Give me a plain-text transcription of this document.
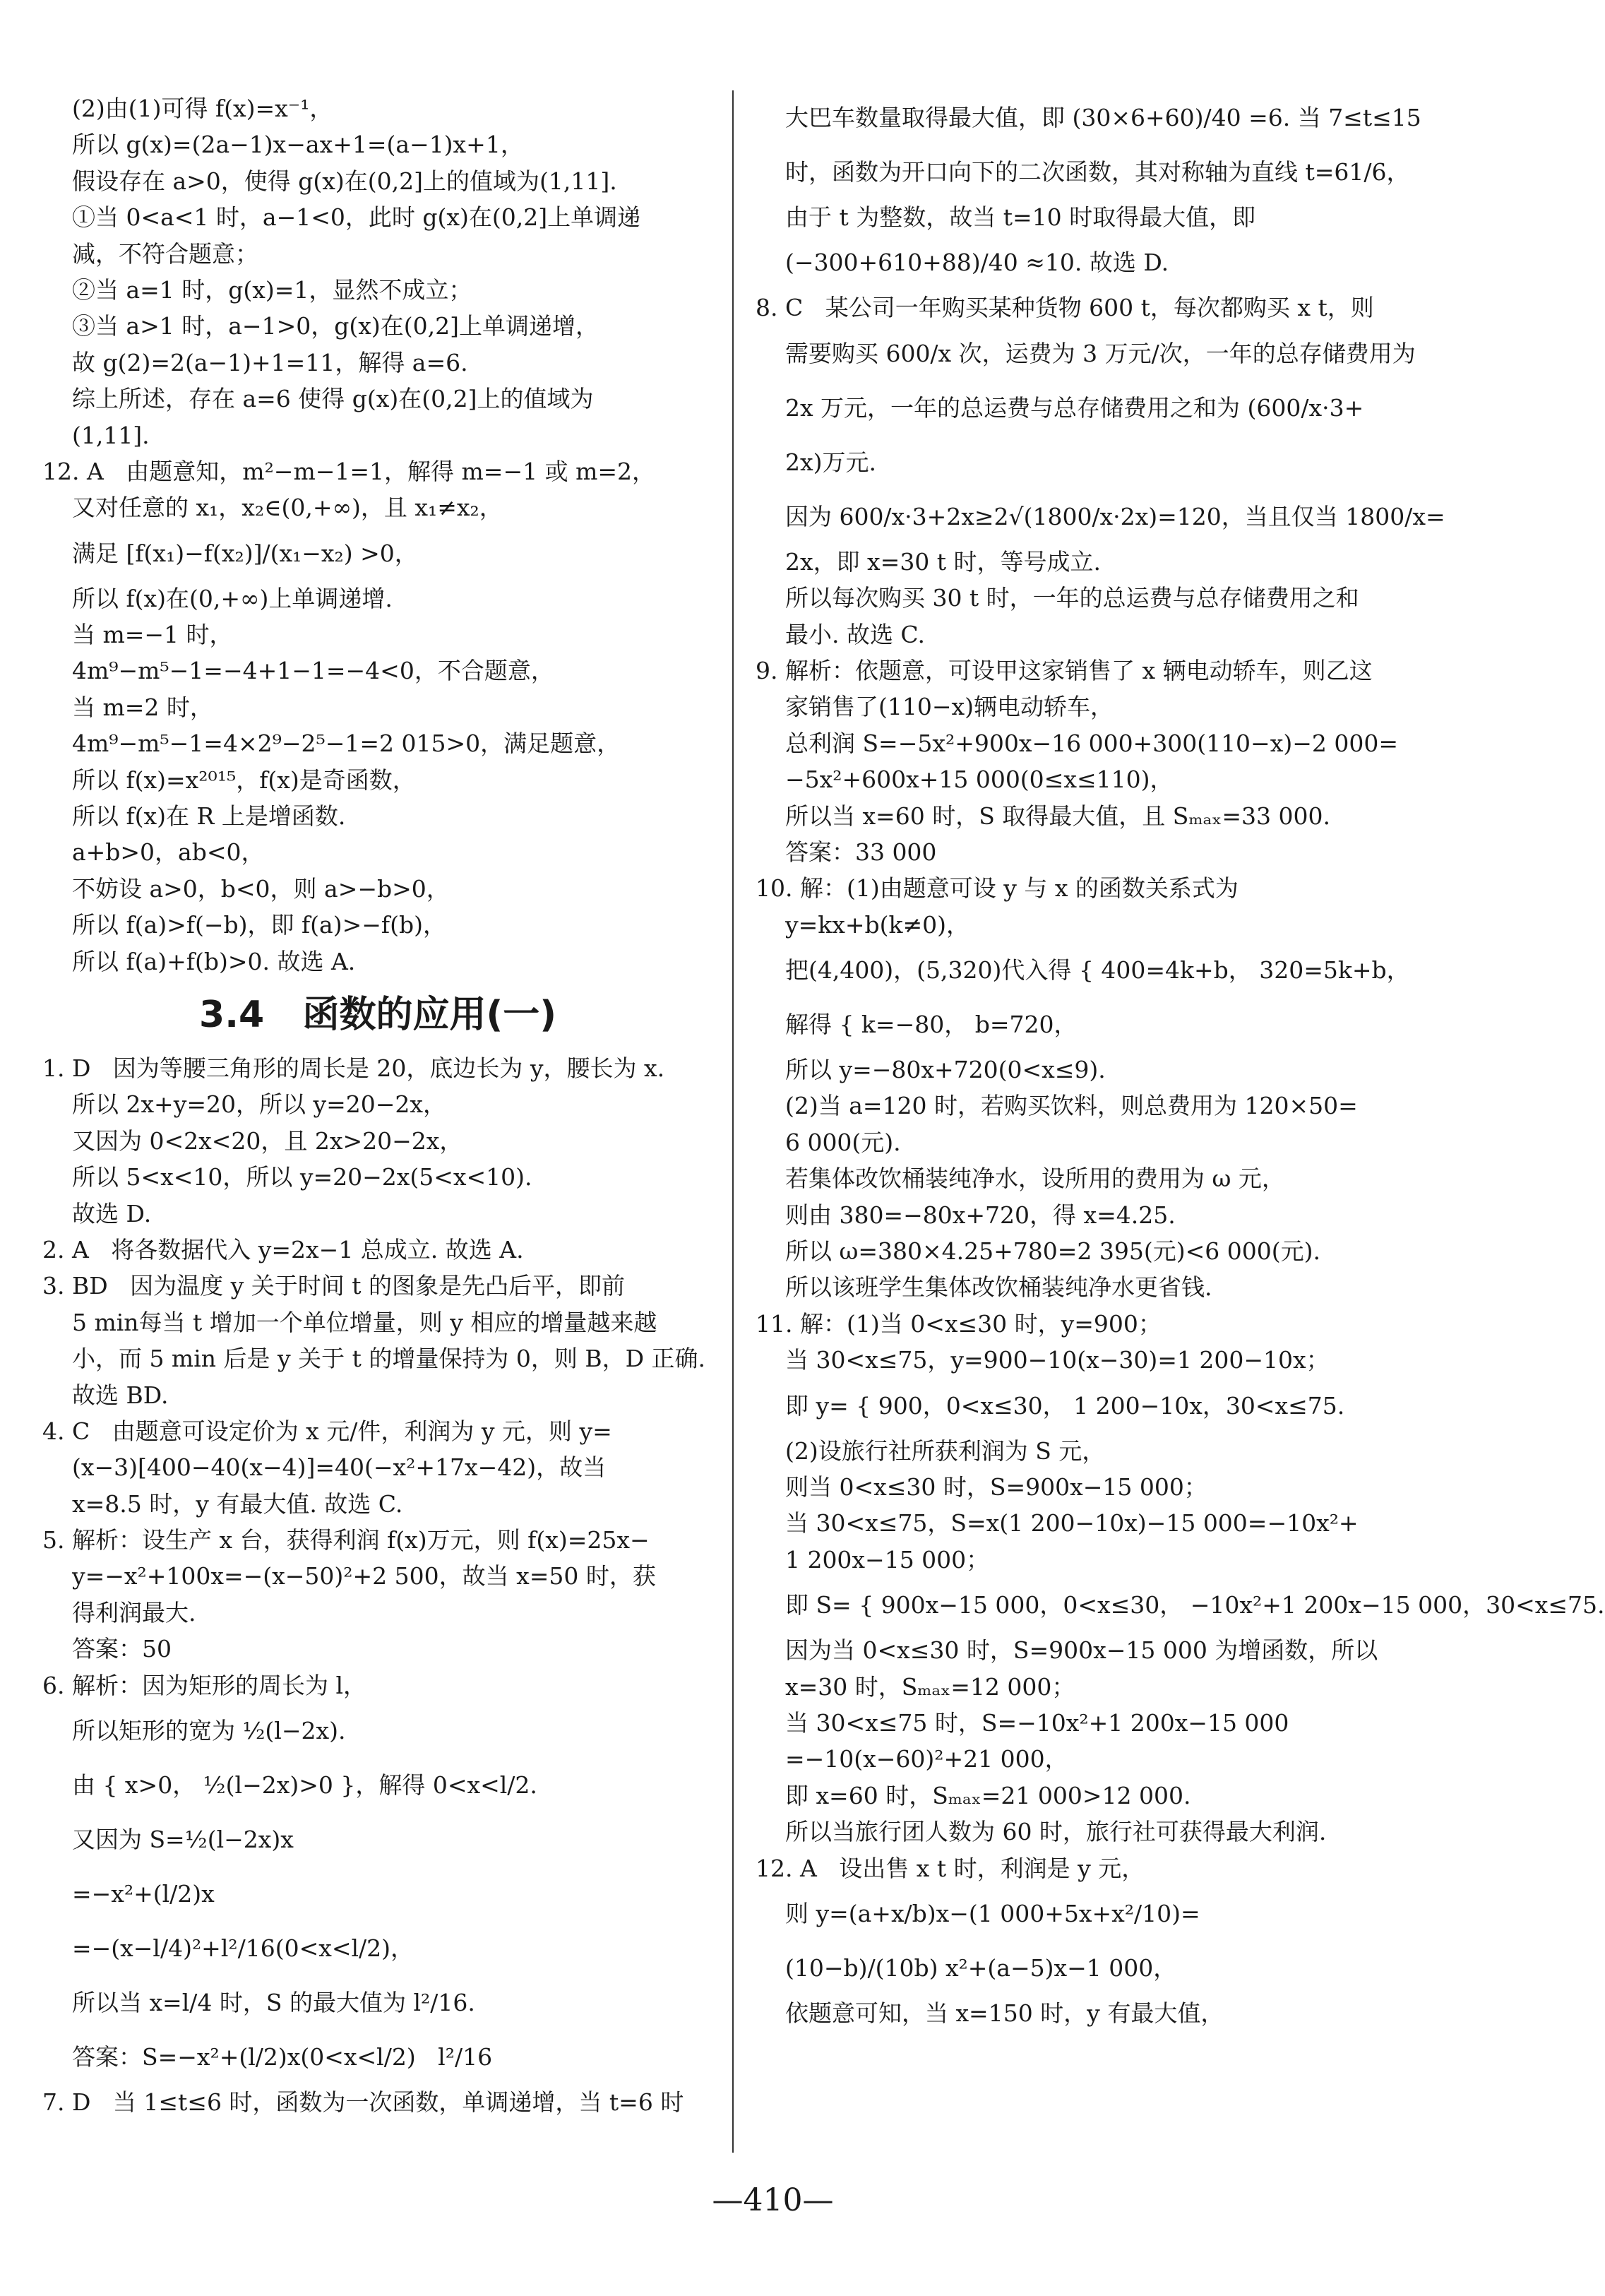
(2)由(1)可得 f(x)=x⁻¹，
所以 g(x)=(2a−1)x−ax+1=(a−1)x+1，
假设存在 a>0，使得 g(x)在(0,2]上的值域为(1,11].
①当 0<a<1 时，a−1<0，此时 g(x)在(0,2]上单调递
减，不符合题意；
②当 a=1 时，g(x)=1，显然不成立；
③当 a>1 时，a−1>0，g(x)在(0,2]上单调递增，
故 g(2)=2(a−1)+1=11，解得 a=6.
综上所述，存在 a=6 使得 g(x)在(0,2]上的值域为
(1,11].
12. A   由题意知，m²−m−1=1，解得 m=−1 或 m=2，
又对任意的 x₁，x₂∈(0,+∞)，且 x₁≠x₂，
满足 [f(x₁)−f(x₂)]/(x₁−x₂) >0，
所以 f(x)在(0,+∞)上单调递增.
当 m=−1 时，
4m⁹−m⁵−1=−4+1−1=−4<0，不合题意，
当 m=2 时，
4m⁹−m⁵−1=4×2⁹−2⁵−1=2 015>0，满足题意，
所以 f(x)=x²⁰¹⁵，f(x)是奇函数，
所以 f(x)在 R 上是增函数.
a+b>0，ab<0，
不妨设 a>0，b<0，则 a>−b>0，
所以 f(a)>f(−b)，即 f(a)>−f(b)，
所以 f(a)+f(b)>0. 故选 A.
3.4   函数的应用(一)
1. D   因为等腰三角形的周长是 20，底边长为 y，腰长为 x.
所以 2x+y=20，所以 y=20−2x，
又因为 0<2x<20，且 2x>20−2x，
所以 5<x<10，所以 y=20−2x(5<x<10).
故选 D.
2. A   将各数据代入 y=2x−1 总成立. 故选 A.
3. BD   因为温度 y 关于时间 t 的图象是先凸后平，即前
5 min每当 t 增加一个单位增量，则 y 相应的增量越来越
小，而 5 min 后是 y 关于 t 的增量保持为 0，则 B，D 正确.
故选 BD.
4. C   由题意可设定价为 x 元/件，利润为 y 元，则 y=
(x−3)[400−40(x−4)]=40(−x²+17x−42)，故当
x=8.5 时，y 有最大值. 故选 C.
5. 解析：设生产 x 台，获得利润 f(x)万元，则 f(x)=25x−
y=−x²+100x=−(x−50)²+2 500，故当 x=50 时，获
得利润最大.
答案：50
6. 解析：因为矩形的周长为 l，
所以矩形的宽为 ½(l−2x).
由 { x>0， ½(l−2x)>0 }，解得 0<x<l/2.
又因为 S=½(l−2x)x
=−x²+(l/2)x
=−(x−l/4)²+l²/16(0<x<l/2)，
所以当 x=l/4 时，S 的最大值为 l²/16.
答案：S=−x²+(l/2)x(0<x<l/2)   l²/16
7. D   当 1≤t≤6 时，函数为一次函数，单调递增，当 t=6 时
大巴车数量取得最大值，即 (30×6+60)/40 =6. 当 7≤t≤15
时，函数为开口向下的二次函数，其对称轴为直线 t=61/6，
由于 t 为整数，故当 t=10 时取得最大值，即
(−300+610+88)/40 ≈10. 故选 D.
8. C   某公司一年购买某种货物 600 t，每次都购买 x t，则
需要购买 600/x 次，运费为 3 万元/次，一年的总存储费用为
2x 万元，一年的总运费与总存储费用之和为 (600/x·3+
2x)万元.
因为 600/x·3+2x≥2√(1800/x·2x)=120，当且仅当 1800/x=
2x，即 x=30 t 时，等号成立.
所以每次购买 30 t 时，一年的总运费与总存储费用之和
最小. 故选 C.
9. 解析：依题意，可设甲这家销售了 x 辆电动轿车，则乙这
家销售了(110−x)辆电动轿车，
总利润 S=−5x²+900x−16 000+300(110−x)−2 000=
−5x²+600x+15 000(0≤x≤110)，
所以当 x=60 时，S 取得最大值，且 Sₘₐₓ=33 000.
答案：33 000
10. 解：(1)由题意可设 y 与 x 的函数关系式为
y=kx+b(k≠0)，
把(4,400)，(5,320)代入得 { 400=4k+b， 320=5k+b，
解得 { k=−80， b=720，
所以 y=−80x+720(0<x≤9).
(2)当 a=120 时，若购买饮料，则总费用为 120×50=
6 000(元).
若集体改饮桶装纯净水，设所用的费用为 ω 元，
则由 380=−80x+720，得 x=4.25.
所以 ω=380×4.25+780=2 395(元)<6 000(元).
所以该班学生集体改饮桶装纯净水更省钱.
11. 解：(1)当 0<x≤30 时，y=900；
当 30<x≤75，y=900−10(x−30)=1 200−10x；
即 y= { 900，0<x≤30， 1 200−10x，30<x≤75.
(2)设旅行社所获利润为 S 元，
则当 0<x≤30 时，S=900x−15 000；
当 30<x≤75，S=x(1 200−10x)−15 000=−10x²+
1 200x−15 000；
即 S= { 900x−15 000，0<x≤30， −10x²+1 200x−15 000，30<x≤75.
因为当 0<x≤30 时，S=900x−15 000 为增函数，所以
x=30 时，Sₘₐₓ=12 000；
当 30<x≤75 时，S=−10x²+1 200x−15 000
=−10(x−60)²+21 000，
即 x=60 时，Sₘₐₓ=21 000>12 000.
所以当旅行团人数为 60 时，旅行社可获得最大利润.
12. A   设出售 x t 时，利润是 y 元，
则 y=(a+x/b)x−(1 000+5x+x²/10)=
(10−b)/(10b) x²+(a−5)x−1 000，
依题意可知，当 x=150 时，y 有最大值，
—410—
